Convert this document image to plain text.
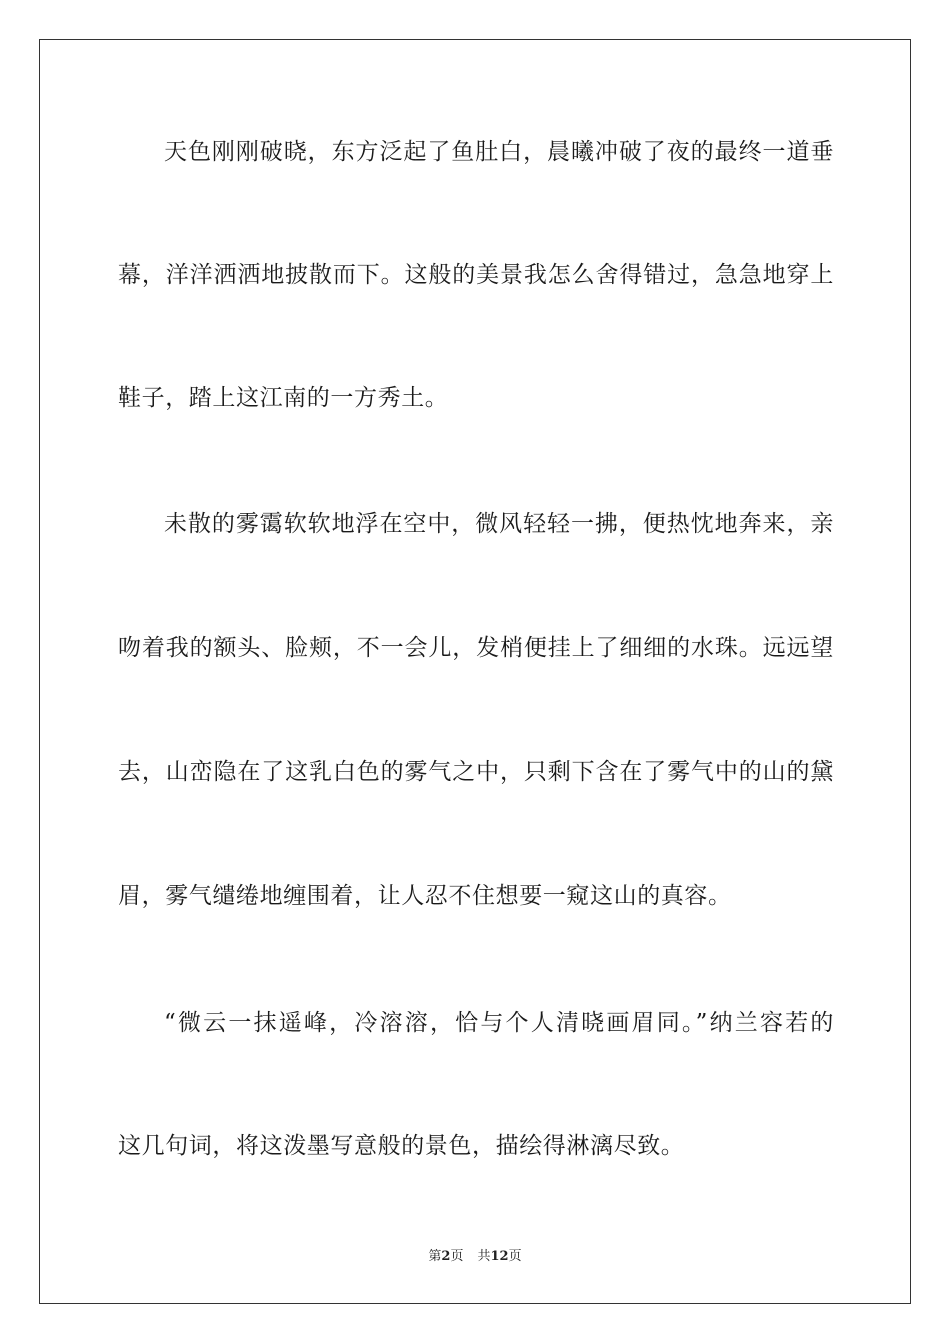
天色刚刚破晓，东方泛起了鱼肚白，晨曦冲破了夜的最终一道垂
幕，洋洋洒洒地披散而下。这般的美景我怎么舍得错过，急急地穿上
鞋子，踏上这江南的一方秀土。
未散的雾霭软软地浮在空中，微风轻轻一拂，便热忱地奔来，亲
吻着我的额头、脸颊，不一会儿，发梢便挂上了细细的水珠。远远望
去，山峦隐在了这乳白色的雾气之中，只剩下含在了雾气中的山的黛
眉，雾气缱绻地缠围着，让人忍不住想要一窥这山的真容。
“微云一抹遥峰，冷溶溶，恰与个人清晓画眉同。”纳兰容若的
这几句词，将这泼墨写意般的景色，描绘得淋漓尽致。
第2页 共12页
